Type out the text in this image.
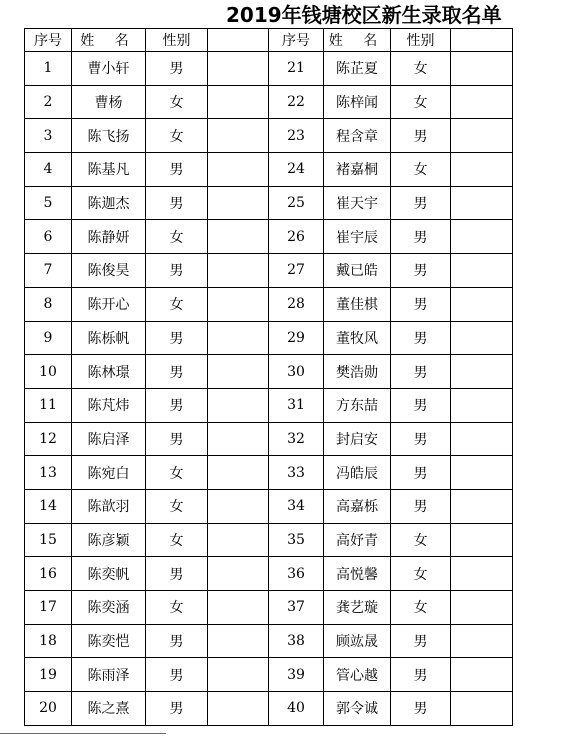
2019年钱塘校区新生录取名单
序号	姓 名	性别		序号	姓 名	性别	
1	曹小轩	男		21	陈芷夏	女	
2	曹杨	女		22	陈梓闻	女	
3	陈飞扬	女		23	程含章	男	
4	陈基凡	男		24	褚嘉桐	女	
5	陈迦杰	男		25	崔天宇	男	
6	陈静妍	女		26	崔宇辰	男	
7	陈俊昊	男		27	戴已皓	男	
8	陈开心	女		28	董佳棋	男	
9	陈栎帆	男		29	董牧风	男	
10	陈林璟	男		30	樊浩勋	男	
11	陈芃炜	男		31	方东喆	男	
12	陈启泽	男		32	封启安	男	
13	陈宛白	女		33	冯皓辰	男	
14	陈歆羽	女		34	高嘉栎	男	
15	陈彦颖	女		35	高妤青	女	
16	陈奕帆	男		36	高悦馨	女	
17	陈奕涵	女		37	龚艺璇	女	
18	陈奕恺	男		38	顾竑晟	男	
19	陈雨泽	男		39	管心越	男	
20	陈之熹	男		40	郭令诚	男	
